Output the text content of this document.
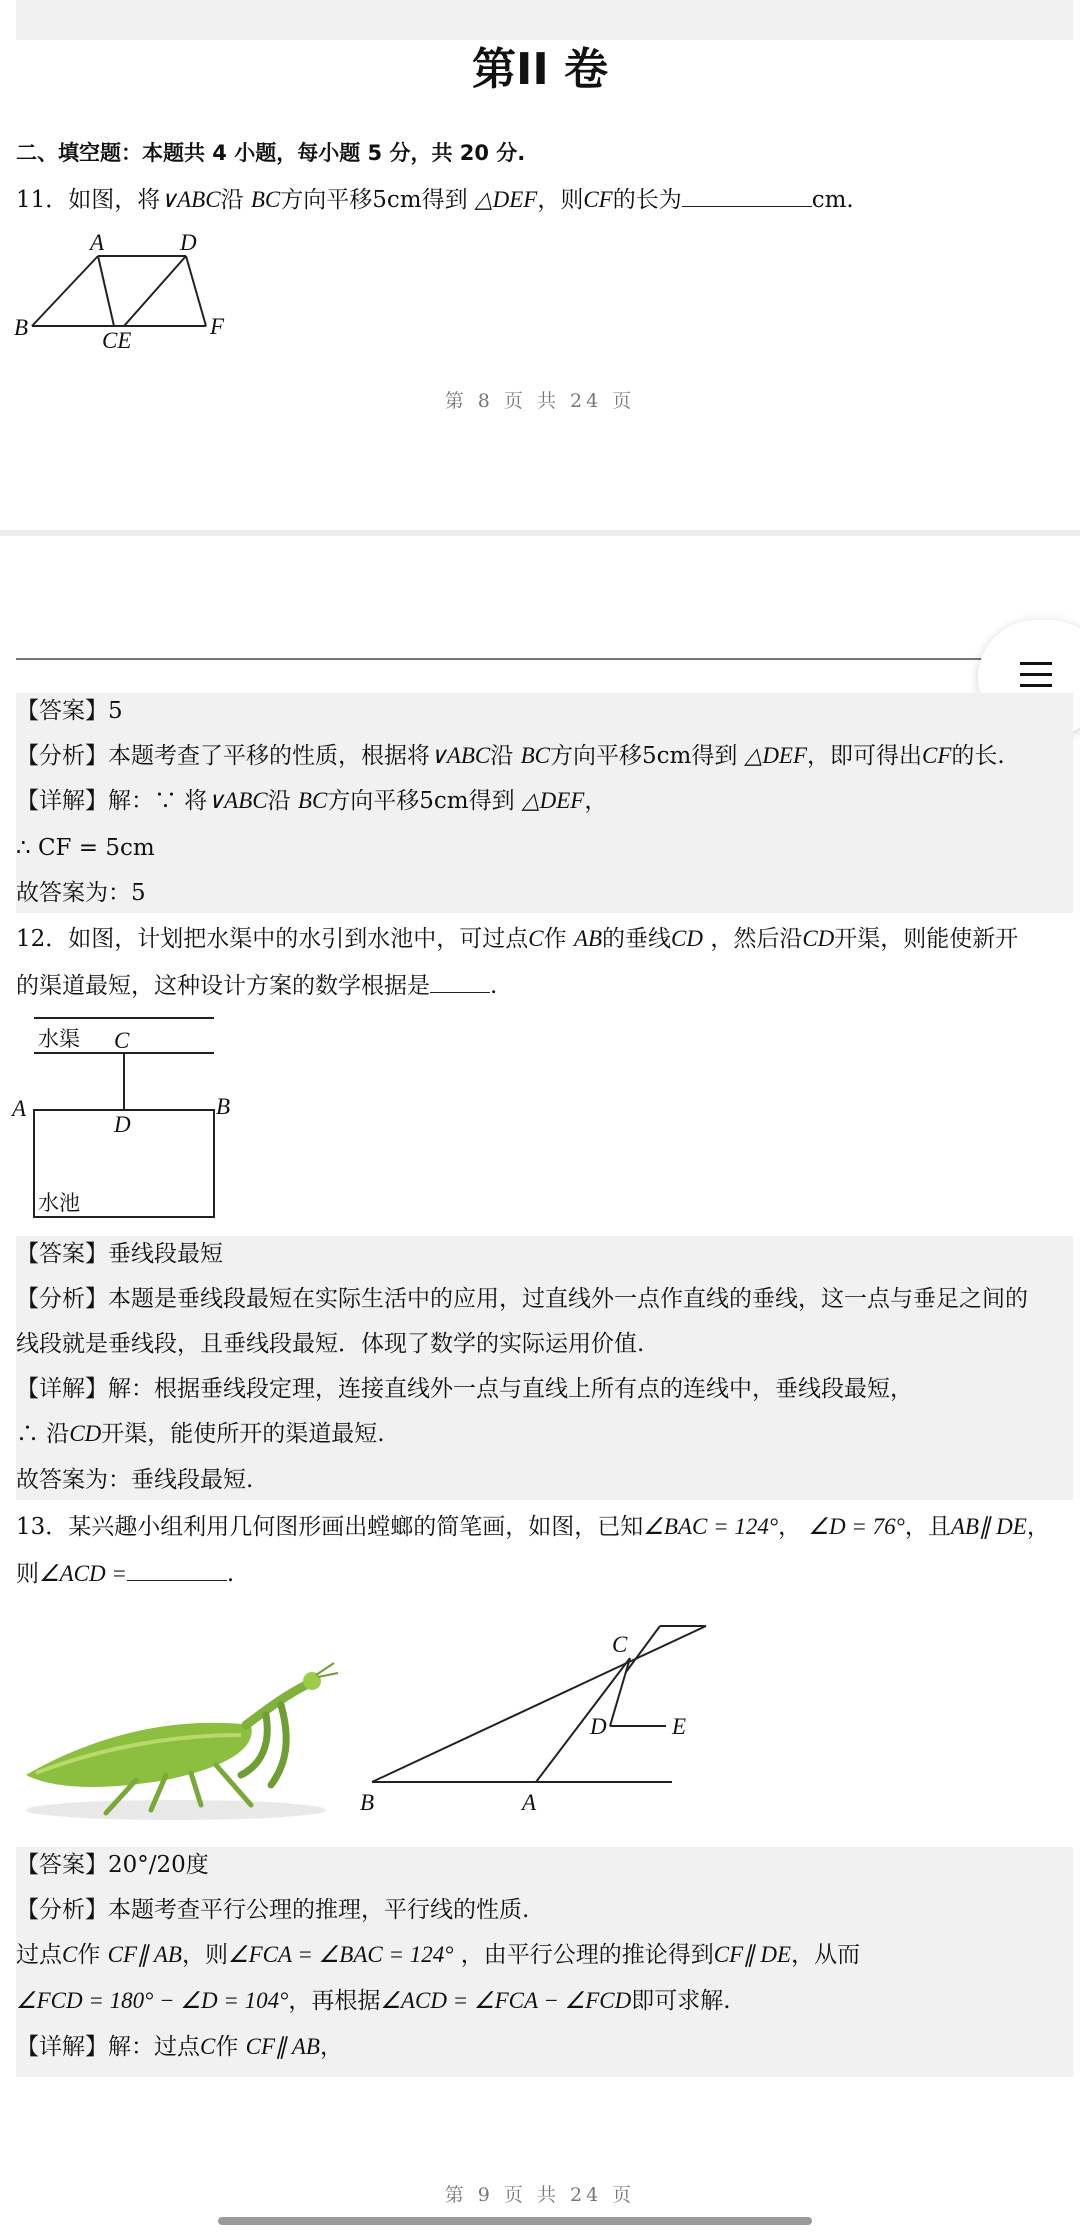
第II 卷
二、填空题：本题共 4 小题，每小题 5 分，共 20 分.
11．如图，将∨ABC沿 BC方向平移5cm得到 △DEF，则CF的长为	cm.
A	D
B
CE
F
第 8 页 共 24 页
【答案】5
【分析】本题考查了平移的性质，根据将∨ABC沿 BC方向平移5cm得到 △DEF，即可得出CF的长.
【详解】解：∵ 将∨ABC沿 BC方向平移5cm得到 △DEF，
∴ CF = 5cm
故答案为：5
12．如图，计划把水渠中的水引到水池中，可过点C作 AB的垂线CD ，然后沿CD开渠，则能使新开
的渠道最短，这种设计方案的数学根据是	.
水渠 C
A
D
B
水池
【答案】垂线段最短
【分析】本题是垂线段最短在实际生活中的应用，过直线外一点作直线的垂线，这一点与垂足之间的
线段就是垂线段，且垂线段最短．体现了数学的实际运用价值.
【详解】解：根据垂线段定理，连接直线外一点与直线上所有点的连线中，垂线段最短，
∴ 沿CD开渠，能使所开的渠道最短.
故答案为：垂线段最短.
13．某兴趣小组利用几何图形画出螳螂的简笔画，如图，已知∠BAC = 124°， ∠D = 76°，且AB∥ DE，
则∠ACD =	.
C
D	E
B	A
【答案】20°/20度
【分析】本题考查平行公理的推理，平行线的性质.
过点C作 CF∥ AB，则∠FCA = ∠BAC = 124° ，由平行公理的推论得到CF∥ DE，从而
∠FCD = 180° − ∠D = 104°，再根据∠ACD = ∠FCA − ∠FCD即可求解.
【详解】解：过点C作 CF∥ AB，
第 9 页 共 24 页
